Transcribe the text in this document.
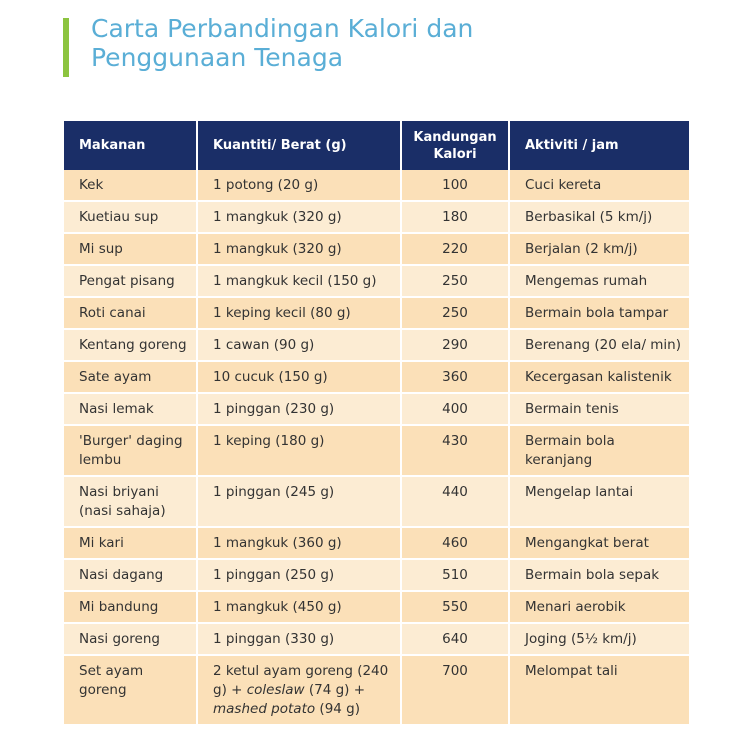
Carta Perbandingan Kalori dan
Penggunaan Tenaga
Makanan	Kuantiti/ Berat (g)	Kandungan Kalori	Aktiviti / jam
Kek	1 potong (20 g)	100	Cuci kereta
Kuetiau sup	1 mangkuk (320 g)	180	Berbasikal (5 km/j)
Mi sup	1 mangkuk (320 g)	220	Berjalan (2 km/j)
Pengat pisang	1 mangkuk kecil (150 g)	250	Mengemas rumah
Roti canai	1 keping kecil (80 g)	250	Bermain bola tampar
Kentang goreng	1 cawan (90 g)	290	Berenang (20 ela/ min)
Sate ayam	10 cucuk (150 g)	360	Kecergasan kalistenik
Nasi lemak	1 pinggan (230 g)	400	Bermain tenis
'Burger' daging lembu	1 keping (180 g)	430	Bermain bola keranjang
Nasi briyani (nasi sahaja)	1 pinggan (245 g)	440	Mengelap lantai
Mi kari	1 mangkuk (360 g)	460	Mengangkat berat
Nasi dagang	1 pinggan (250 g)	510	Bermain bola sepak
Mi bandung	1 mangkuk (450 g)	550	Menari aerobik
Nasi goreng	1 pinggan (330 g)	640	Joging (5½ km/j)
Set ayam goreng	2 ketul ayam goreng (240 g) + coleslaw (74 g) + mashed potato (94 g)	700	Melompat tali
